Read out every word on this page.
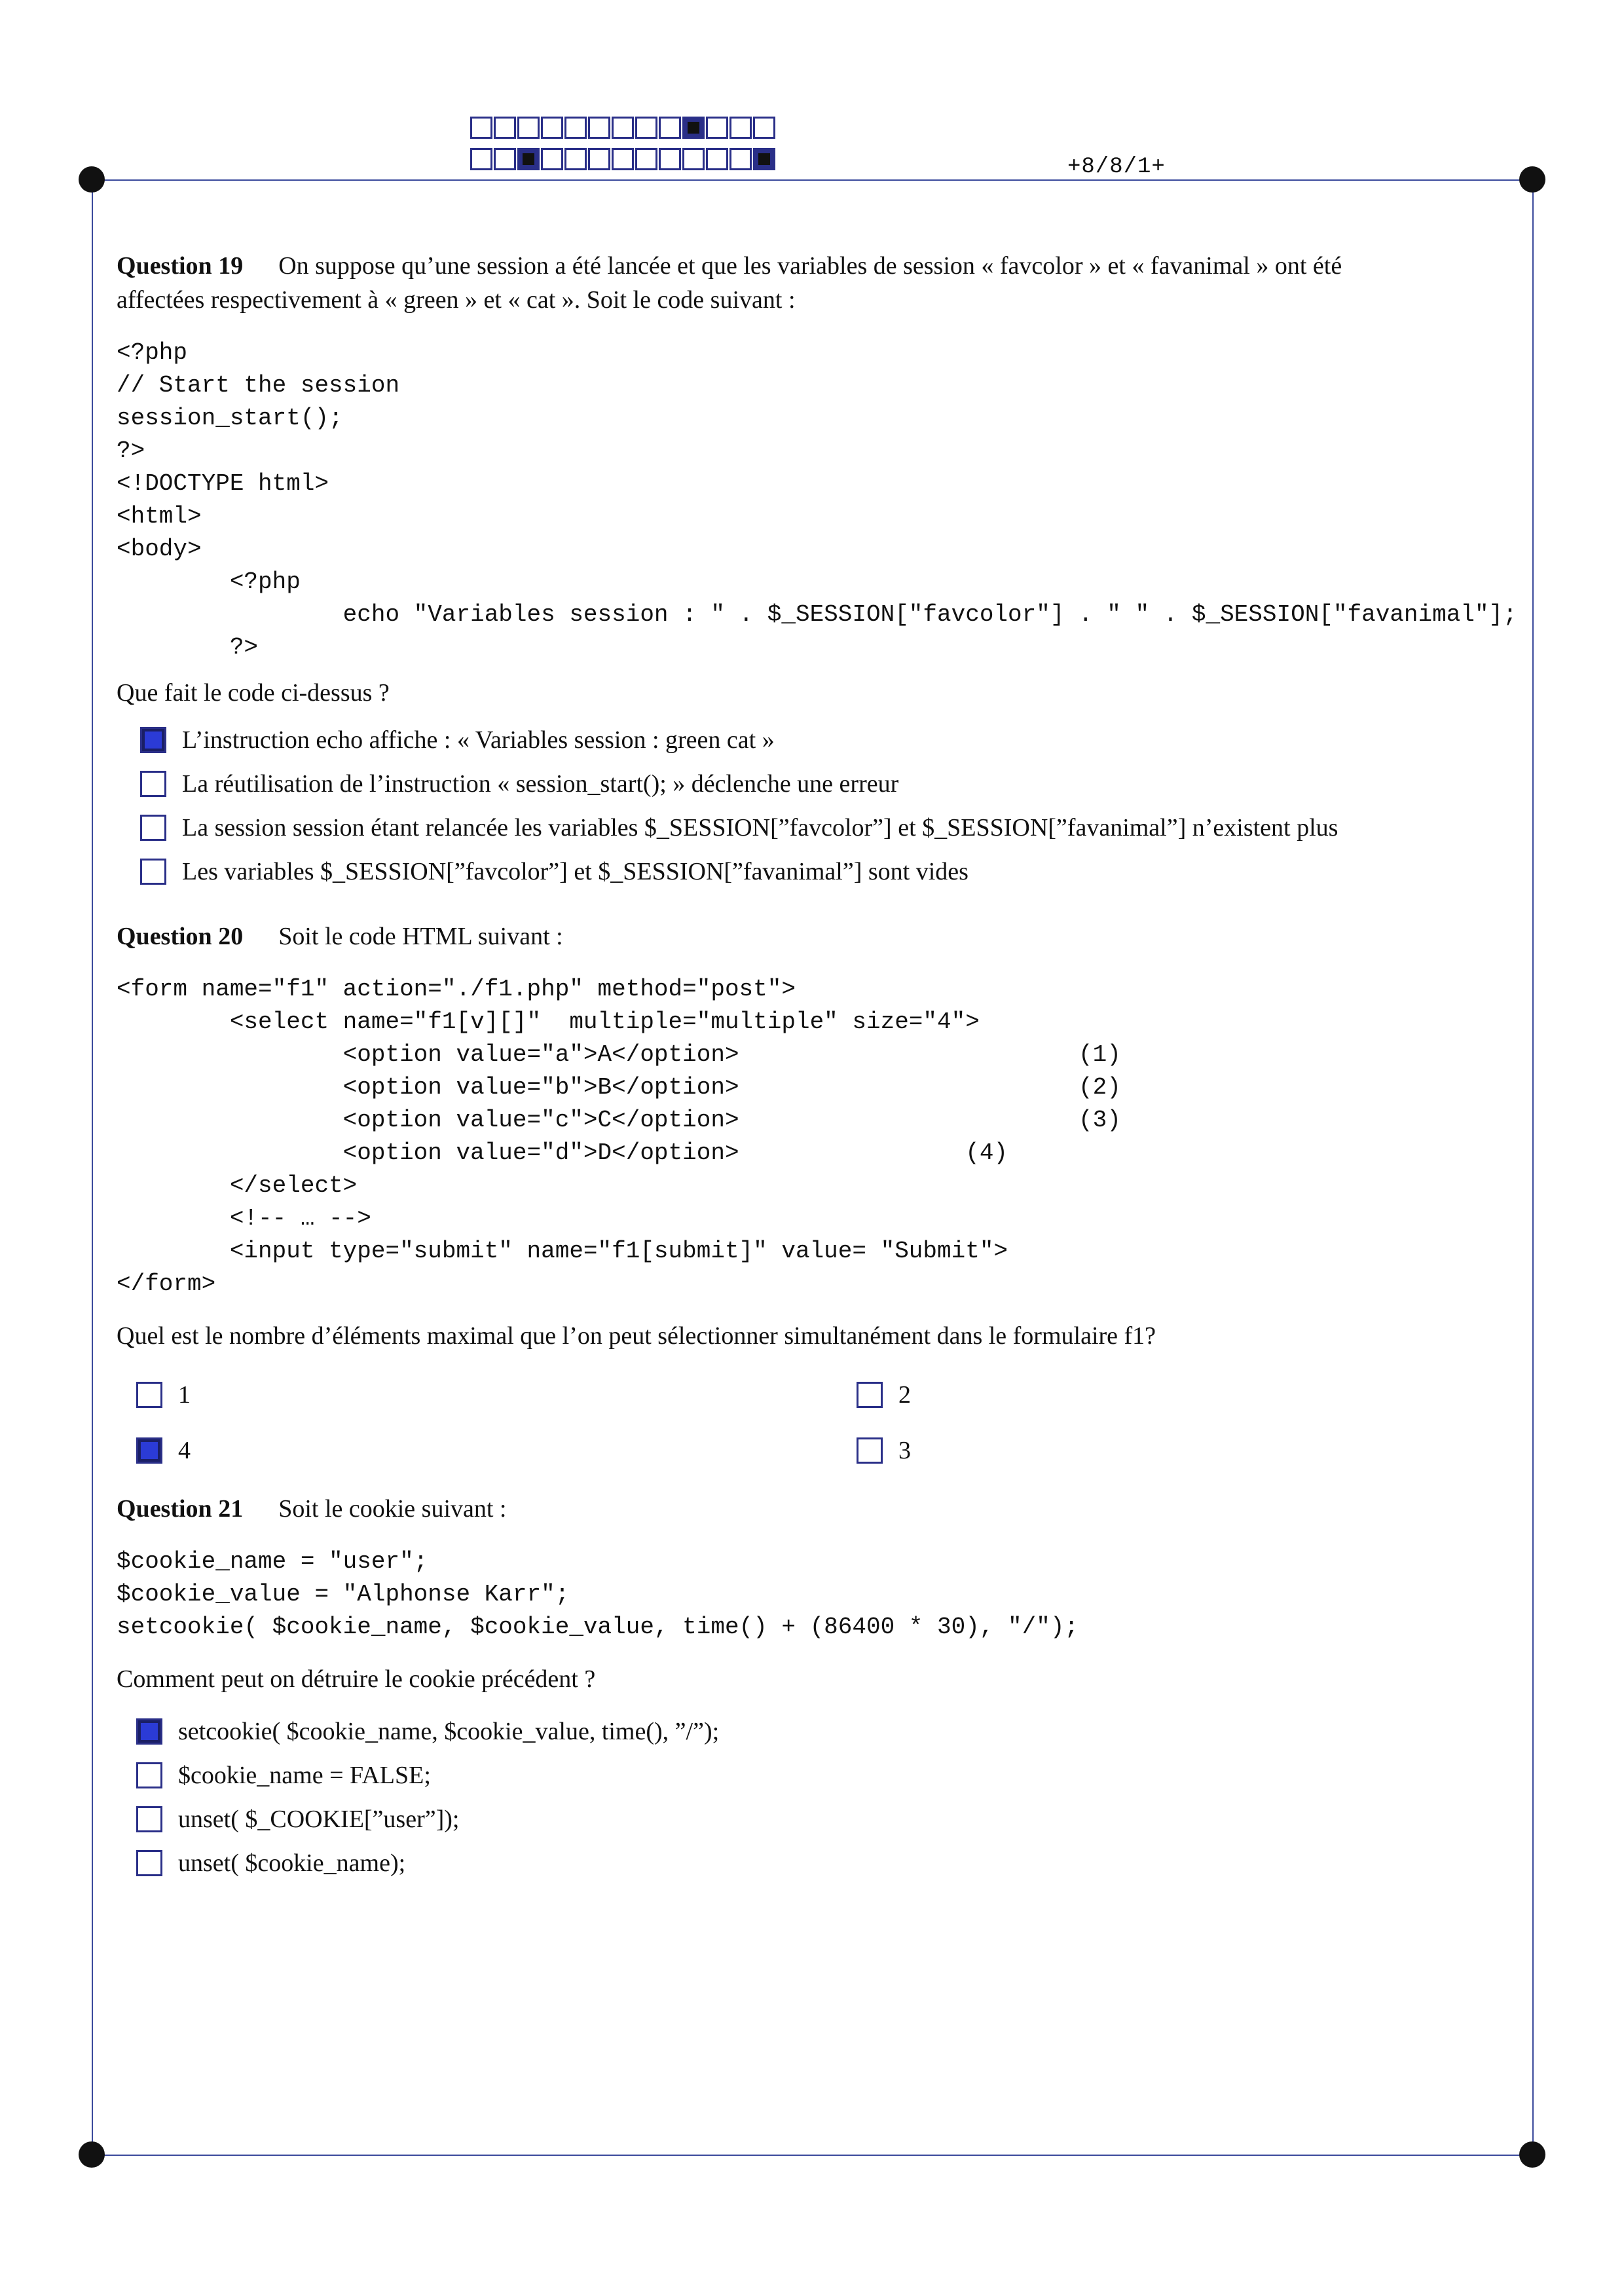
+8/8/1+

Question 19 On suppose qu’une session a été lancée et que les variables de session « favcolor » et « favanimal » ont été
affectées respectivement à « green » et « cat ». Soit le code suivant :

<?php
// Start the session
session_start();
?>
<!DOCTYPE html>
<html>
<body>
<?php
echo "Variables session : " . $_SESSION["favcolor"] . " " . $_SESSION["favanimal"];
?>

Que fait le code ci-dessus ?

L’instruction echo affiche : « Variables session : green cat »
La réutilisation de l’instruction « session_start(); » déclenche une erreur
La session session étant relancée les variables $_SESSION[”favcolor”] et $_SESSION[”favanimal”] n’existent plus
Les variables $_SESSION[”favcolor”] et $_SESSION[”favanimal”] sont vides

Question 20 Soit le code HTML suivant :

<form name="f1" action="./f1.php" method="post">
<select name="f1[v][]"  multiple="multiple" size="4">
<option value="a">A</option>                        (1)
<option value="b">B</option>                        (2)
<option value="c">C</option>                        (3)
<option value="d">D</option>                (4)
</select>
<!-- … -->
<input type="submit" name="f1[submit]" value= "Submit">
</form>

Quel est le nombre d’éléments maximal que l’on peut sélectionner simultanément dans le formulaire f1?

1	2
4	3

Question 21 Soit le cookie suivant :

$cookie_name = "user";
$cookie_value = "Alphonse Karr";
setcookie( $cookie_name, $cookie_value, time() + (86400 * 30), "/");

Comment peut on détruire le cookie précédent ?

setcookie( $cookie_name, $cookie_value, time(), ”/”);
$cookie_name = FALSE;
unset( $_COOKIE[”user”]);
unset( $cookie_name);
